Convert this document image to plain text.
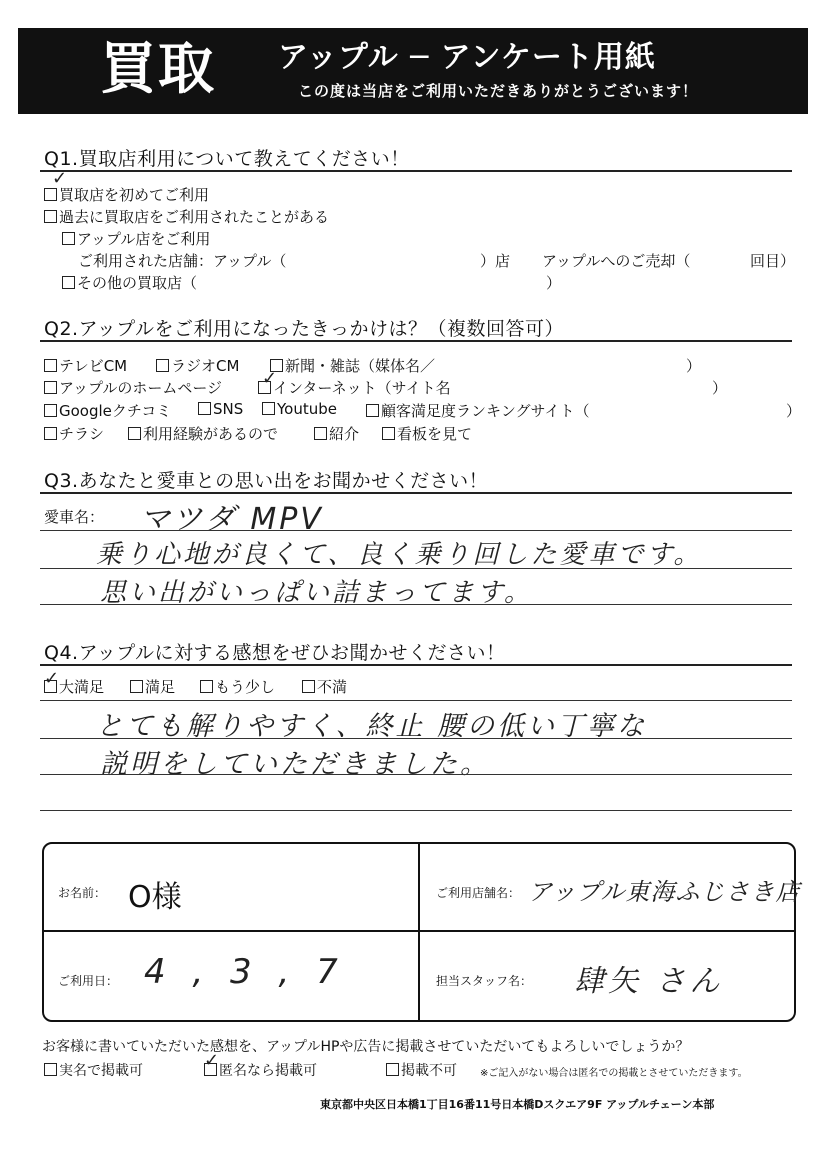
買取 アップル ─ アンケート用紙
この度は当店をご利用いただきありがとうございます！
Q1.買取店利用について教えてください！
買取店を初めてご利用
✓
過去に買取店をご利用されたことがある
アップル店をご利用
ご利用された店舗：アップル（	）店 アップルへのご売却（	回目）
その他の買取店（	）
Q2.アップルをご利用になったきっかけは？（複数回答可）
テレビCM	ラジオCM	新聞・雑誌（媒体名／	）
アップルのホームページ	インターネット（サイト名
✓	）
Googleクチコミ	SNS	Youtube	顧客満足度ランキングサイト（	）
チラシ	利用経験があるので	紹介	看板を見て
Q3.あなたと愛車との思い出をお聞かせください！
愛車名： マツダ MPV
乗り心地が良くて、良く乗り回した愛車です。
思い出がいっぱい詰まってます。
Q4.アップルに対する感想をぜひお聞かせください！
大満足
✓	満足	もう少し	不満
とても解りやすく、終止 腰の低い丁寧な
説明をしていただきました。
お名前： O様	ご利用店舗名： アップル東海ふじさき店
ご利用日： 4 , 3 , 7	担当スタッフ名： 肆矢 さん
お客様に書いていただいた感想を、アップルHPや広告に掲載させていただいてもよろしいでしょうか？
実名で掲載可	匿名なら掲載可
✓	掲載不可 ※ご記入がない場合は匿名での掲載とさせていただきます。
東京都中央区日本橋1丁目16番11号日本橋Dスクエア9F アップルチェーン本部
